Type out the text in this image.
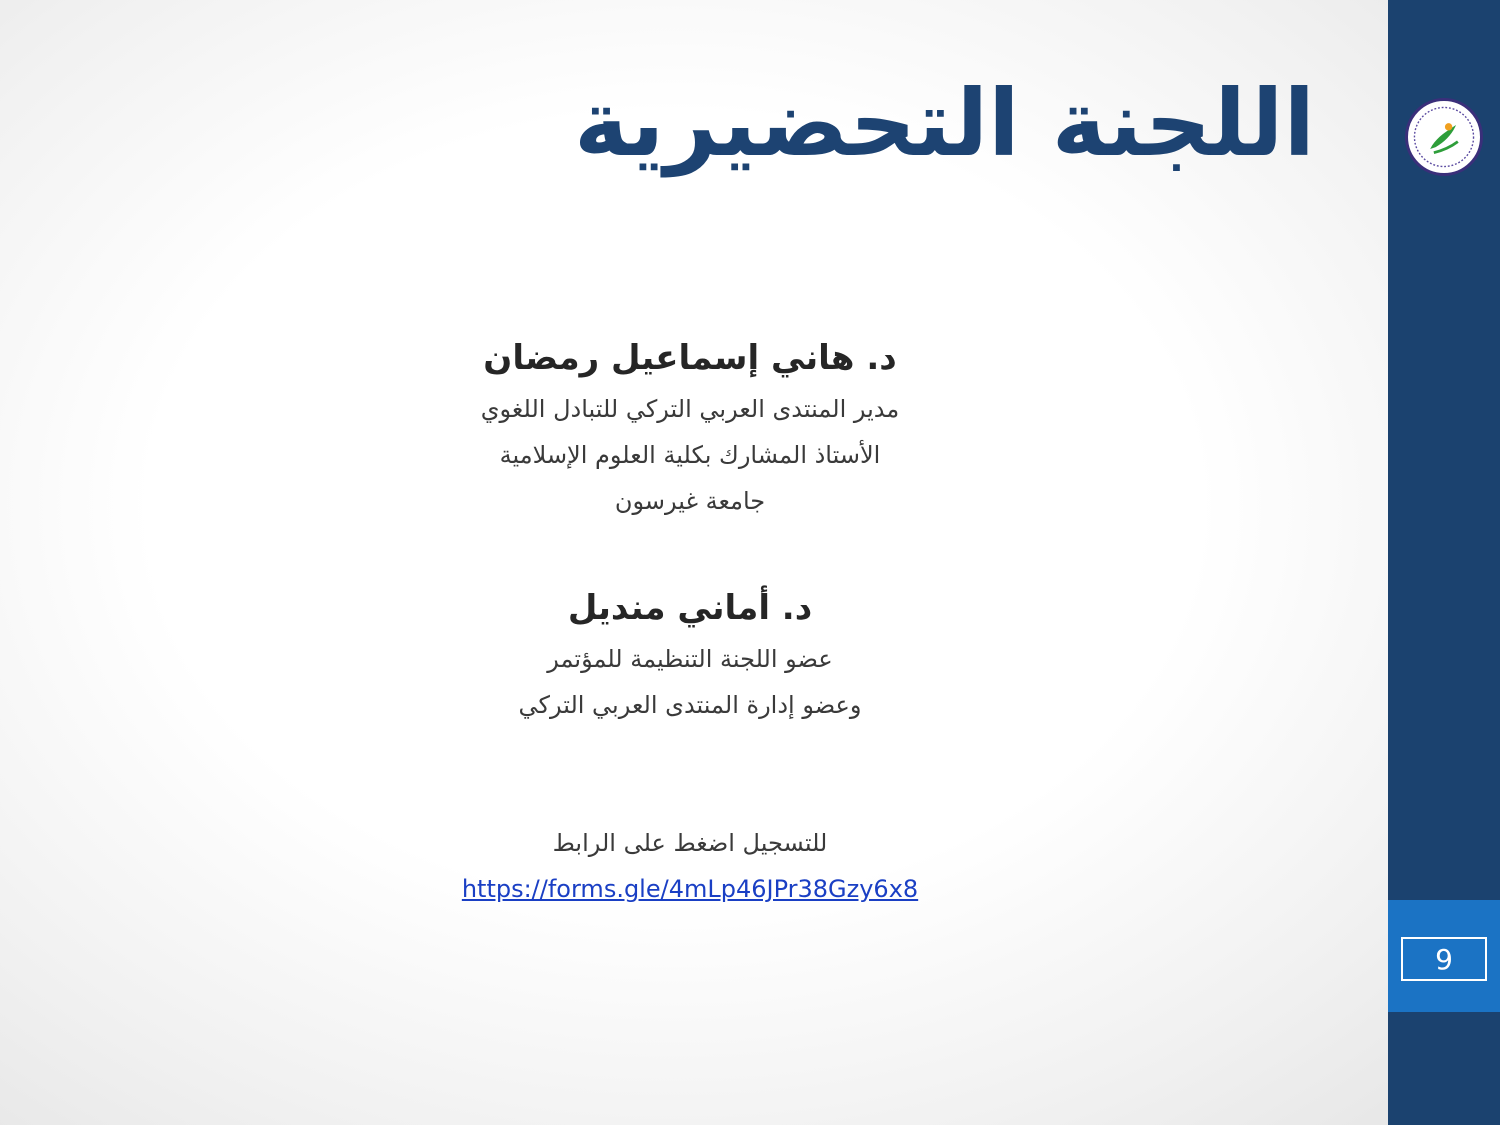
9
اللجنة التحضيرية
د. هاني إسماعيل رمضان
مدير المنتدى العربي التركي للتبادل اللغوي
الأستاذ المشارك بكلية العلوم الإسلامية
جامعة غيرسون
د. أماني منديل
عضو اللجنة التنظيمة للمؤتمر
وعضو إدارة المنتدى العربي التركي
للتسجيل اضغط على الرابط
https://forms.gle/4mLp46JPr38Gzy6x8
